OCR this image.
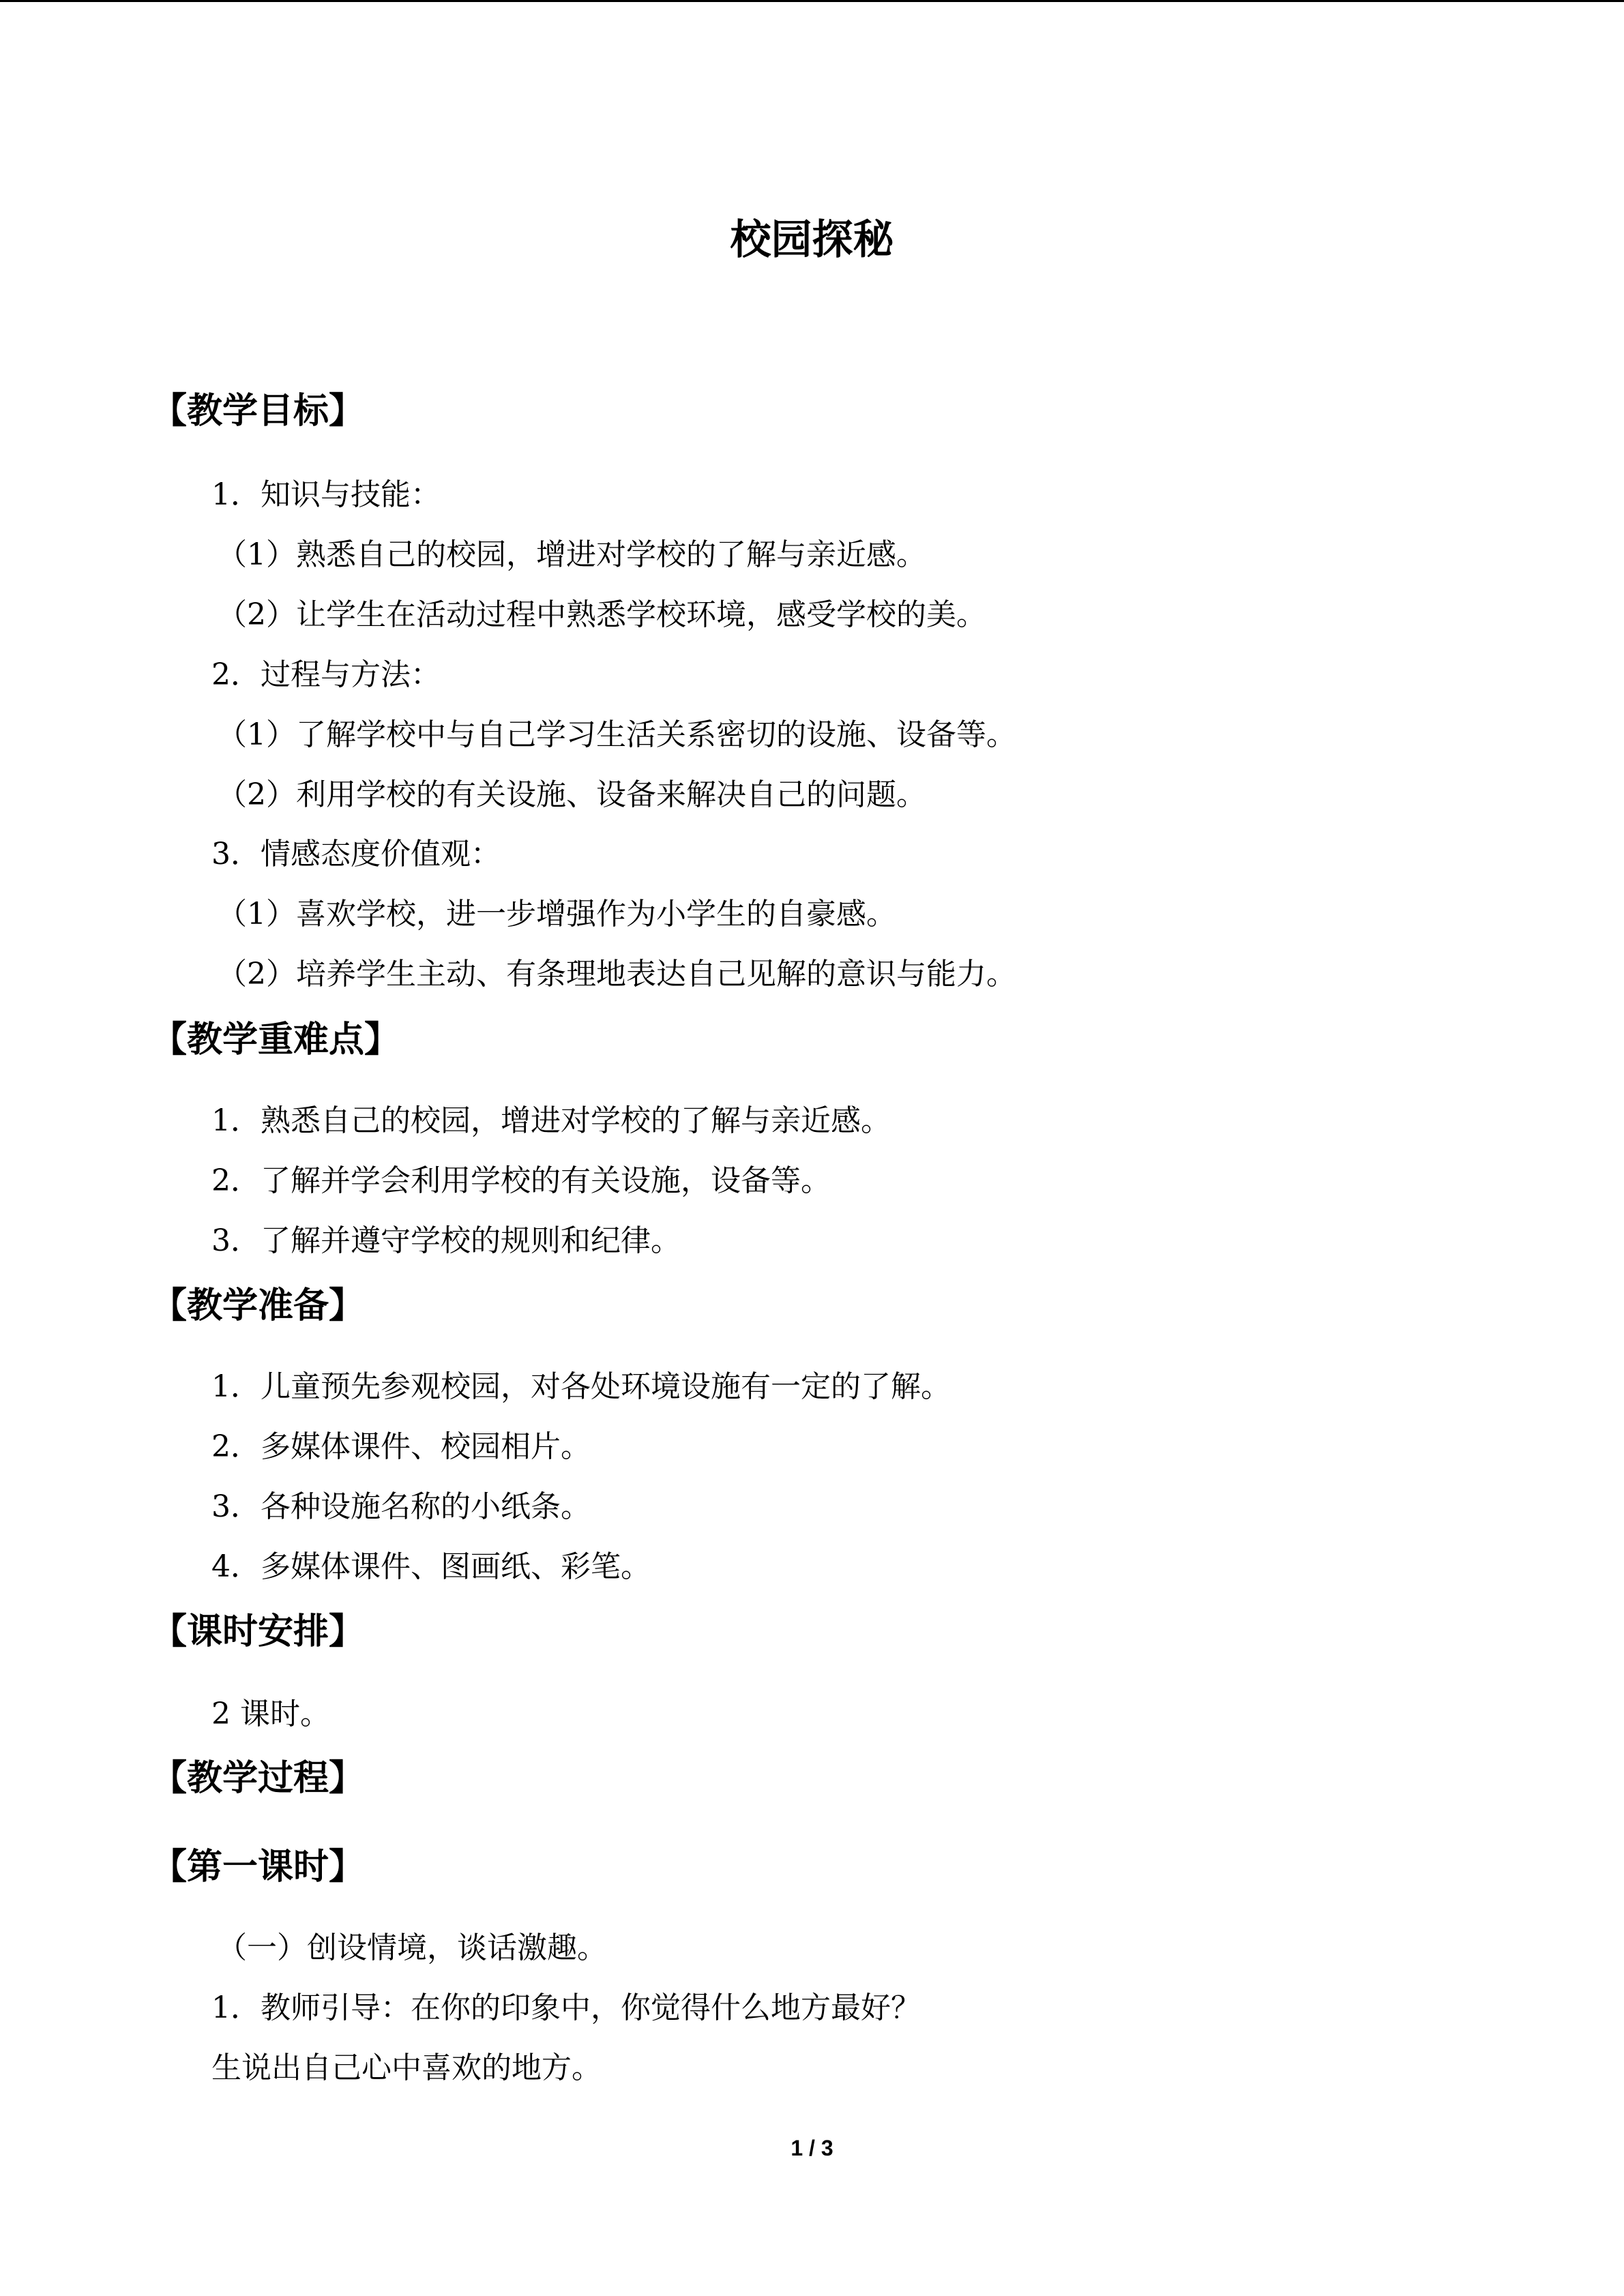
校园探秘
【教学目标】
1．知识与技能：
（1）熟悉自己的校园，增进对学校的了解与亲近感。
（2）让学生在活动过程中熟悉学校环境，感受学校的美。
2．过程与方法：
（1）了解学校中与自己学习生活关系密切的设施、设备等。
（2）利用学校的有关设施、设备来解决自己的问题。
3．情感态度价值观：
（1）喜欢学校，进一步增强作为小学生的自豪感。
（2）培养学生主动、有条理地表达自己见解的意识与能力。
【教学重难点】
1．熟悉自己的校园，增进对学校的了解与亲近感。
2．了解并学会利用学校的有关设施，设备等。
3．了解并遵守学校的规则和纪律。
【教学准备】
1．儿童预先参观校园，对各处环境设施有一定的了解。
2．多媒体课件、校园相片。
3．各种设施名称的小纸条。
4．多媒体课件、图画纸、彩笔。
【课时安排】
2 课时。
【教学过程】
【第一课时】
（一）创设情境，谈话激趣。
1．教师引导：在你的印象中，你觉得什么地方最好？
生说出自己心中喜欢的地方。
1 / 3
